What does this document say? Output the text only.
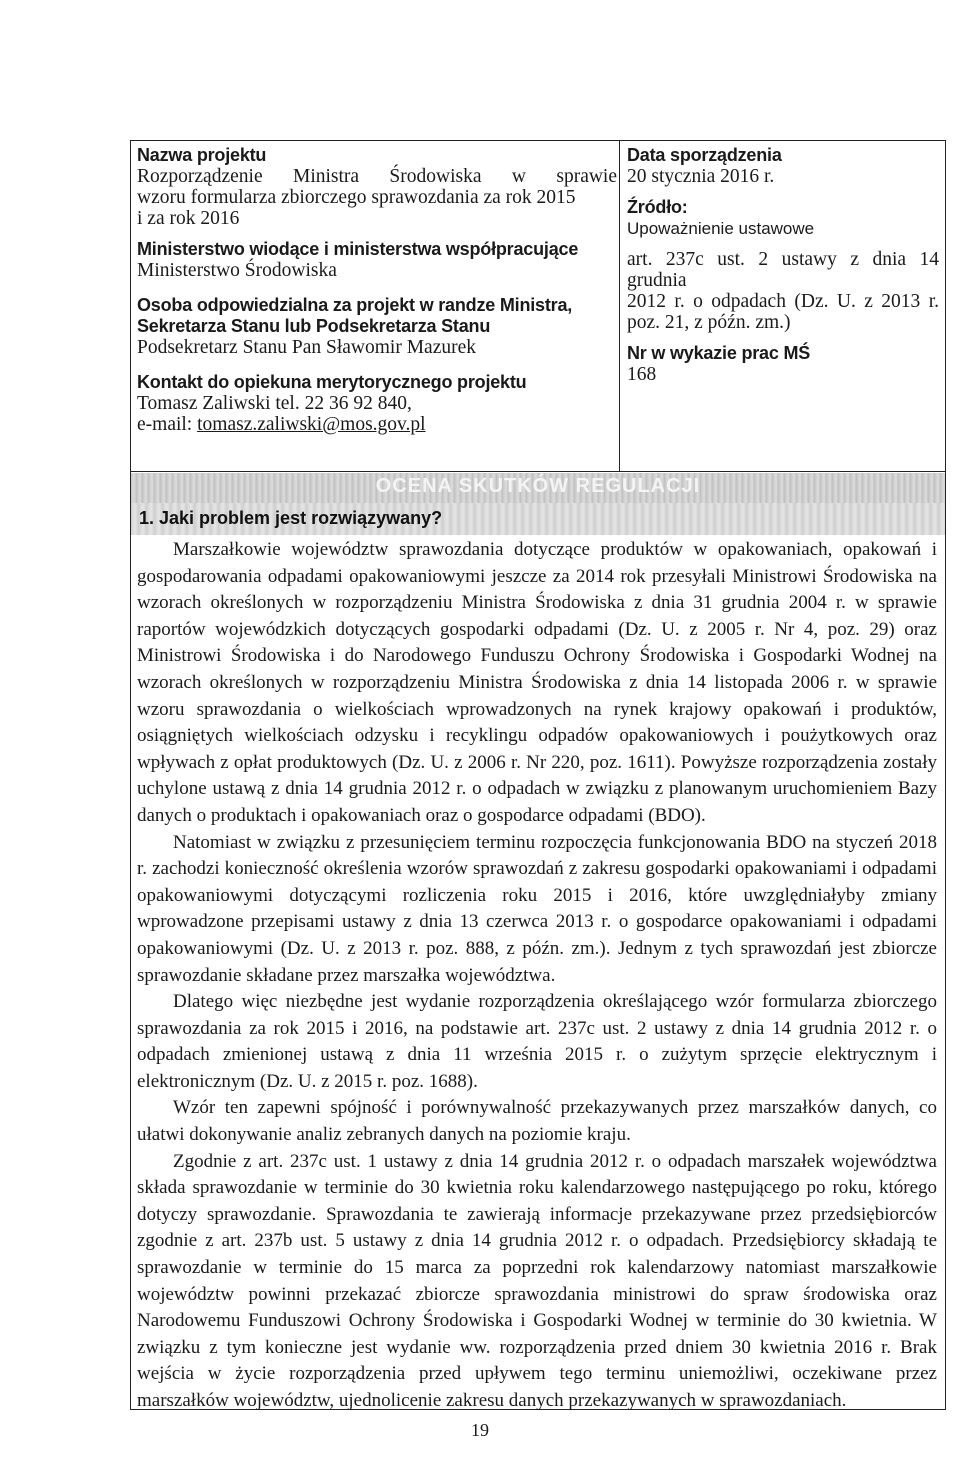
Nazwa projektu
Rozporządzenie Ministra Środowiska w sprawie
wzoru formularza zbiorczego sprawozdania za rok 2015
i za rok 2016
Ministerstwo wiodące i ministerstwa współpracujące
Ministerstwo Środowiska
Osoba odpowiedzialna za projekt w randze Ministra,
Sekretarza Stanu lub Podsekretarza Stanu
Podsekretarz Stanu Pan Sławomir Mazurek
Kontakt do opiekuna merytorycznego projektu
Tomasz Zaliwski tel. 22 36 92 840,
e-mail: tomasz.zaliwski@mos.gov.pl
Data sporządzenia
20 stycznia 2016 r.
Źródło:
Upoważnienie ustawowe
art. 237c ust. 2 ustawy z dnia 14
grudnia
2012 r. o odpadach (Dz. U. z 2013 r.
poz. 21, z późn. zm.)
Nr w wykazie prac MŚ
168
OCENA SKUTKÓW REGULACJI
1. Jaki problem jest rozwiązywany?

Marszałkowie województw sprawozdania dotyczące produktów w opakowaniach, opakowań i gospodarowania odpadami opakowaniowymi jeszcze za 2014 rok przesyłali Ministrowi Środowiska na wzorach określonych w rozporządzeniu Ministra Środowiska z dnia 31 grudnia 2004 r. w sprawie raportów wojewódzkich dotyczących gospodarki odpadami (Dz. U. z 2005 r. Nr 4, poz. 29) oraz Ministrowi Środowiska i do Narodowego Funduszu Ochrony Środowiska i Gospodarki Wodnej na wzorach określonych w rozporządzeniu Ministra Środowiska z dnia 14 listopada 2006 r. w sprawie wzoru sprawozdania o wielkościach wprowadzonych na rynek krajowy opakowań i produktów, osiągniętych wielkościach odzysku i recyklingu odpadów opakowaniowych i poużytkowych oraz wpływach z opłat produktowych (Dz. U. z 2006 r. Nr 220, poz. 1611). Powyższe rozporządzenia zostały uchylone ustawą z dnia 14 grudnia 2012 r. o odpadach w związku z planowanym uruchomieniem Bazy danych o produktach i opakowaniach oraz o gospodarce odpadami (BDO).

Natomiast w związku z przesunięciem terminu rozpoczęcia funkcjonowania BDO na styczeń 2018 r. zachodzi konieczność określenia wzorów sprawozdań z zakresu gospodarki opakowaniami i odpadami opakowaniowymi dotyczącymi rozliczenia roku 2015 i 2016, które uwzględniałyby zmiany wprowadzone przepisami ustawy z dnia 13 czerwca 2013 r. o gospodarce opakowaniami i odpadami opakowaniowymi (Dz. U. z 2013 r. poz. 888, z późn. zm.). Jednym z tych sprawozdań jest zbiorcze sprawozdanie składane przez marszałka województwa.

Dlatego więc niezbędne jest wydanie rozporządzenia określającego wzór formularza zbiorczego sprawozdania za rok 2015 i 2016, na podstawie art. 237c ust. 2 ustawy z dnia 14 grudnia 2012 r. o odpadach zmienionej ustawą z dnia 11 września 2015 r. o zużytym sprzęcie elektrycznym i elektronicznym (Dz. U. z 2015 r. poz. 1688).

Wzór ten zapewni spójność i porównywalność przekazywanych przez marszałków danych, co ułatwi dokonywanie analiz zebranych danych na poziomie kraju.

Zgodnie z art. 237c ust. 1 ustawy z dnia 14 grudnia 2012 r. o odpadach marszałek województwa składa sprawozdanie w terminie do 30 kwietnia roku kalendarzowego następującego po roku, którego dotyczy sprawozdanie. Sprawozdania te zawierają informacje przekazywane przez przedsiębiorców zgodnie z art. 237b ust. 5 ustawy z dnia 14 grudnia 2012 r. o odpadach. Przedsiębiorcy składają te sprawozdanie w terminie do 15 marca za poprzedni rok kalendarzowy natomiast marszałkowie województw powinni przekazać zbiorcze sprawozdania ministrowi do spraw środowiska oraz Narodowemu Funduszowi Ochrony Środowiska i Gospodarki Wodnej w terminie do 30 kwietnia. W związku z tym konieczne jest wydanie ww. rozporządzenia przed dniem 30 kwietnia 2016 r. Brak wejścia w życie rozporządzenia przed upływem tego terminu uniemożliwi, oczekiwane przez marszałków województw, ujednolicenie zakresu danych przekazywanych w sprawozdaniach.

19
